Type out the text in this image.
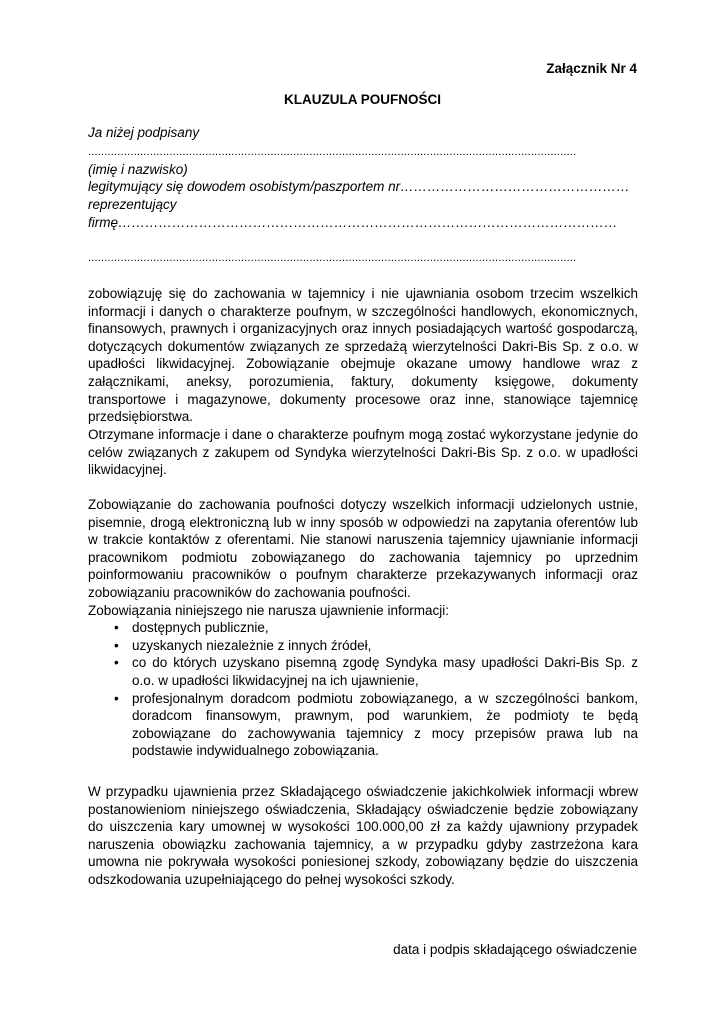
Załącznik Nr 4
KLAUZULA POUFNOŚCI
Ja niżej podpisany
......................................................................................................................................................
(imię i nazwisko)
legitymujący się dowodem osobistym/paszportem nr……………………………………………
reprezentujący
firmę…………………………………………………………………………………………………
......................................................................................................................................................

zobowiązuję się do zachowania w tajemnicy i nie ujawniania osobom trzecim wszelkich informacji i danych o charakterze poufnym, w szczególności handlowych, ekonomicznych, finansowych, prawnych i organizacyjnych oraz innych posiadających wartość gospodarczą, dotyczących dokumentów związanych ze sprzedażą wierzytelności Dakri-Bis Sp. z o.o. w upadłości likwidacyjnej. Zobowiązanie obejmuje okazane umowy handlowe wraz z załącznikami, aneksy, porozumienia, faktury, dokumenty księgowe, dokumenty transportowe i magazynowe, dokumenty procesowe oraz inne, stanowiące tajemnicę przedsiębiorstwa.

Otrzymane informacje i dane o charakterze poufnym mogą zostać wykorzystane jedynie do celów związanych z zakupem od Syndyka wierzytelności Dakri-Bis Sp. z o.o. w upadłości likwidacyjnej.

Zobowiązanie do zachowania poufności dotyczy wszelkich informacji udzielonych ustnie, pisemnie, drogą elektroniczną lub w inny sposób w odpowiedzi na zapytania oferentów lub w trakcie kontaktów z oferentami. Nie stanowi naruszenia tajemnicy ujawnianie informacji pracownikom podmiotu zobowiązanego do zachowania tajemnicy po uprzednim poinformowaniu pracowników o poufnym charakterze przekazywanych informacji oraz zobowiązaniu pracowników do zachowania poufności.

Zobowiązania niniejszego nie narusza ujawnienie informacji:

• dostępnych publicznie,
• uzyskanych niezależnie z innych źródeł,
• co do których uzyskano pisemną zgodę Syndyka masy upadłości Dakri-Bis Sp. z o.o. w upadłości likwidacyjnej na ich ujawnienie,
• profesjonalnym doradcom podmiotu zobowiązanego, a w szczególności bankom, doradcom finansowym, prawnym, pod warunkiem, że podmioty te będą zobowiązane do zachowywania tajemnicy z mocy przepisów prawa lub na podstawie indywidualnego zobowiązania.

W przypadku ujawnienia przez Składającego oświadczenie jakichkolwiek informacji wbrew postanowieniom niniejszego oświadczenia, Składający oświadczenie będzie zobowiązany do uiszczenia kary umownej w wysokości 100.000,00 zł za każdy ujawniony przypadek naruszenia obowiązku zachowania tajemnicy, a w przypadku gdyby zastrzeżona kara umowna nie pokrywała wysokości poniesionej szkody, zobowiązany będzie do uiszczenia odszkodowania uzupełniającego do pełnej wysokości szkody.

data i podpis składającego oświadczenie
